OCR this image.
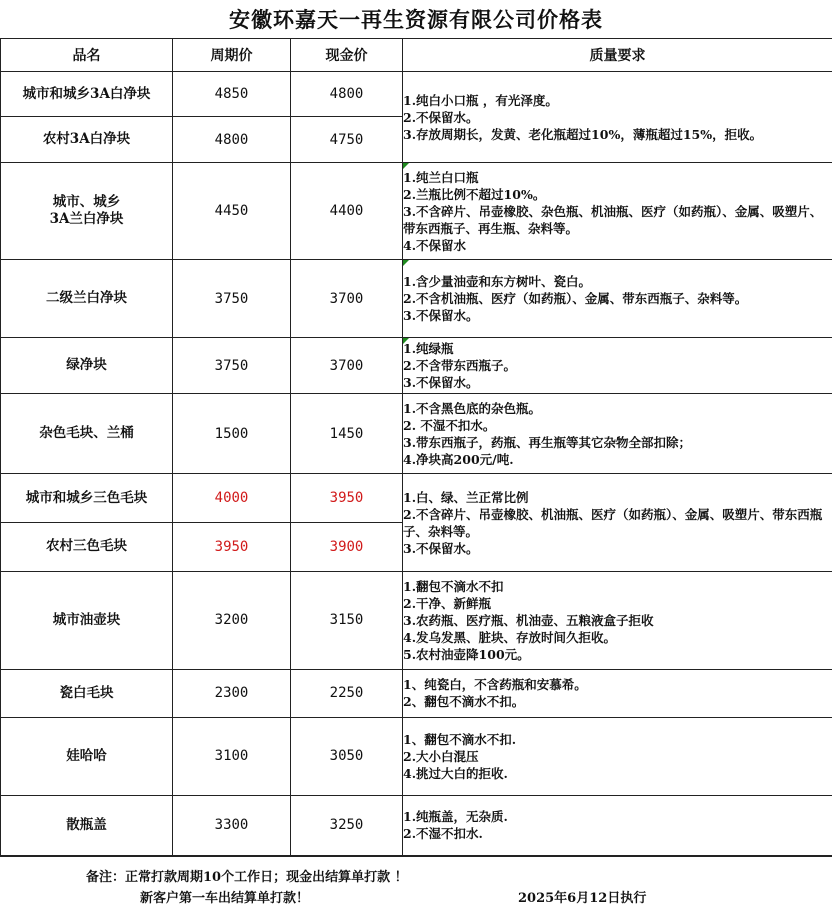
安徽环嘉天一再生资源有限公司价格表
品名	周期价	现金价	质量要求
城市和城乡3A白净块	4850	4800	1.纯白小口瓶 ，有光泽度。
2.不保留水。
3.存放周期长，发黄、老化瓶超过10%，薄瓶超过15%，拒收。

农村3A白净块	4800	4750	
城市、城乡
3A兰白净块	4450	4400	1.纯兰白口瓶
2.兰瓶比例不超过10%。
3.不含碎片、吊壶橡胶、杂色瓶、机油瓶、医疗（如药瓶）、金属、吸塑片、带东西瓶子、再生瓶、杂料等。
4.不保留水

二级兰白净块	3750	3700	1.含少量油壶和东方树叶、瓷白。
2.不含机油瓶、医疗（如药瓶）、金属、带东西瓶子、杂料等。
3.不保留水。

绿净块	3750	3700	1.纯绿瓶
2.不含带东西瓶子。
3.不保留水。

杂色毛块、兰桶	1500	1450	1.不含黑色底的杂色瓶。
2. 不湿不扣水。
3.带东西瓶子，药瓶、再生瓶等其它杂物全部扣除；
4.净块高200元/吨.

城市和城乡三色毛块	4000	3950	1.白、绿、兰正常比例
2.不含碎片、吊壶橡胶、机油瓶、医疗（如药瓶）、金属、吸塑片、带东西瓶子、杂料等。
3.不保留水。

农村三色毛块	3950	3900	
城市油壶块	3200	3150	1.翻包不滴水不扣
2.干净、新鲜瓶
3.农药瓶、医疗瓶、机油壶、五粮液盒子拒收
4.发乌发黑、脏块、存放时间久拒收。
5.农村油壶降100元。

瓷白毛块	2300	2250	1、纯瓷白，不含药瓶和安慕希。
2、翻包不滴水不扣。

娃哈哈	3100	3050	1、翻包不滴水不扣.
2.大小白混压
4.挑过大白的拒收.

散瓶盖	3300	3250	1.纯瓶盖，无杂质.
2.不湿不扣水.
备注：正常打款周期10个工作日；现金出结算单打款 ！
新客户第一车出结算单打款！	2025年6月12日执行
